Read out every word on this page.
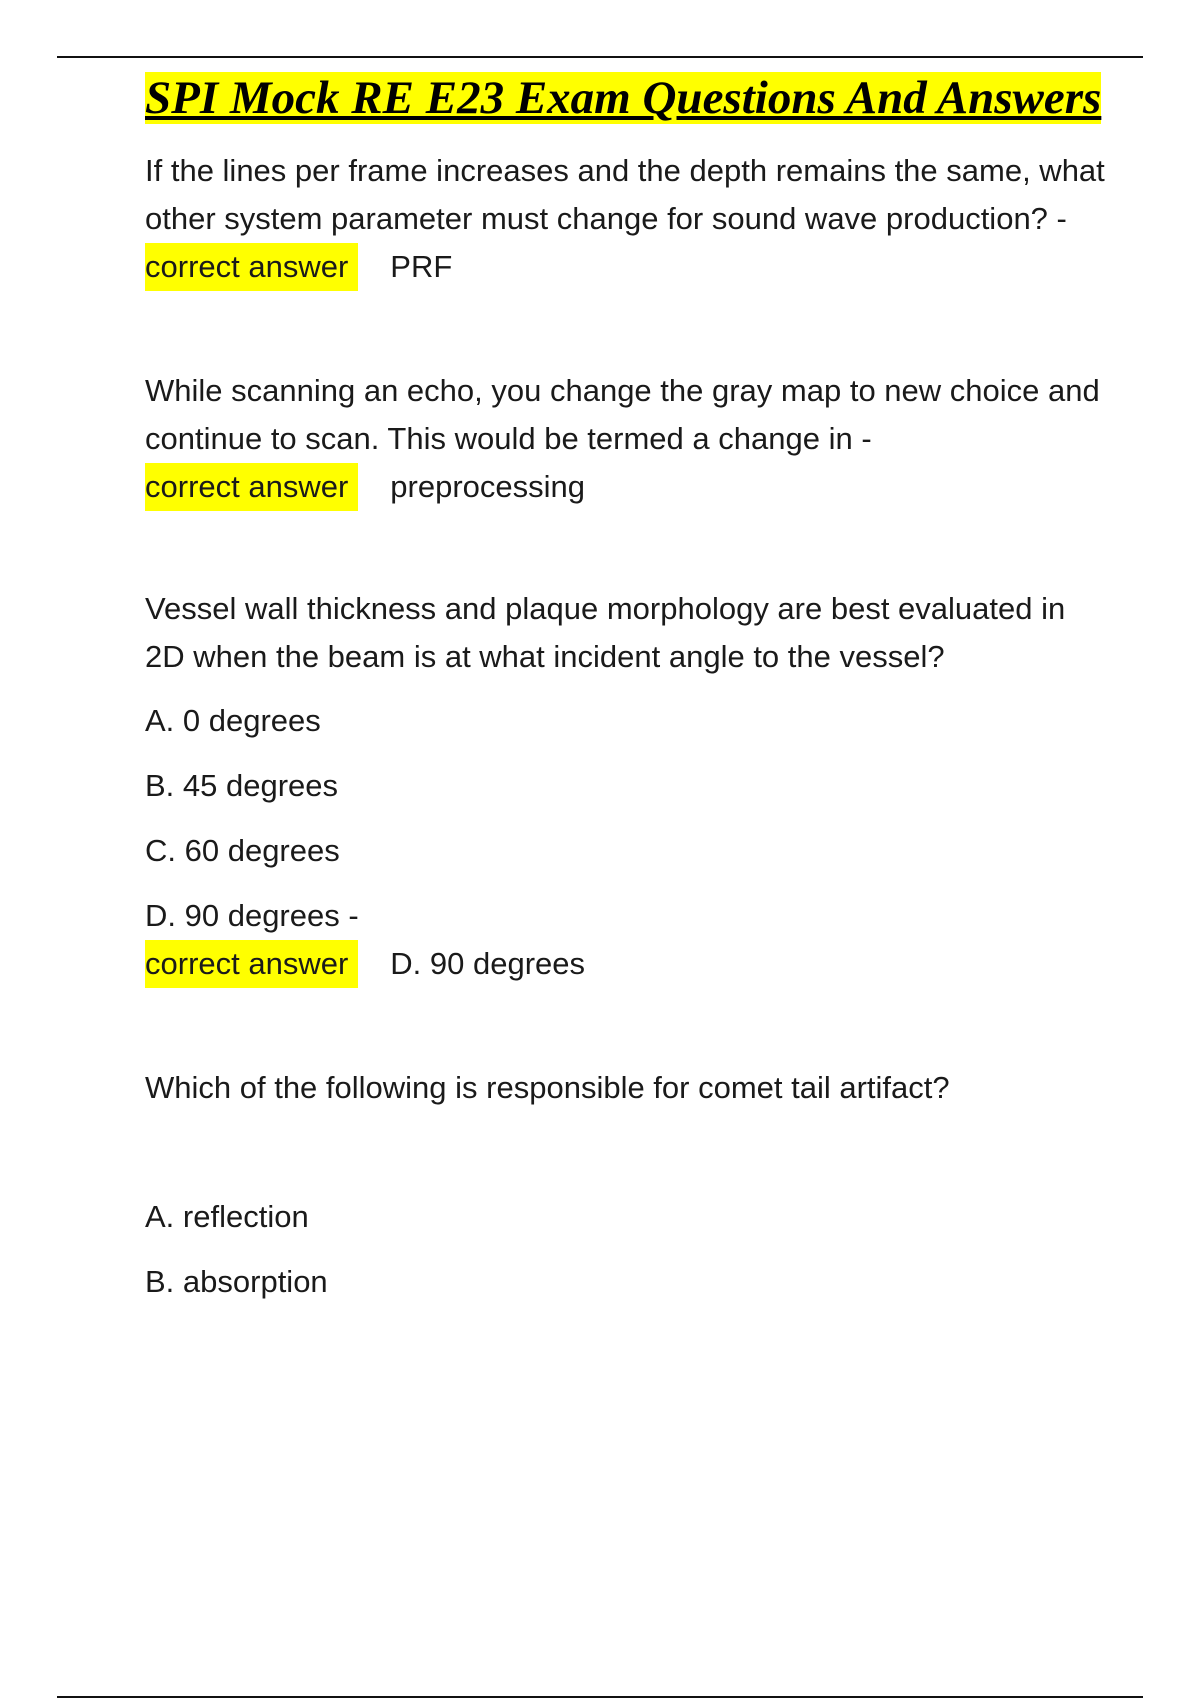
SPI Mock RE E23 Exam Questions And Answers

If the lines per frame increases and the depth remains the same, what other system parameter must change for sound wave production? -

correct answer	PRF

While scanning an echo, you change the gray map to new choice and continue to scan. This would be termed a change in -

correct answer	preprocessing

Vessel wall thickness and plaque morphology are best evaluated in 2D when the beam is at what incident angle to the vessel?

A. 0 degrees

B. 45 degrees

C. 60 degrees

D. 90 degrees -

correct answer	D. 90 degrees

Which of the following is responsible for comet tail artifact?

A. reflection

B. absorption
